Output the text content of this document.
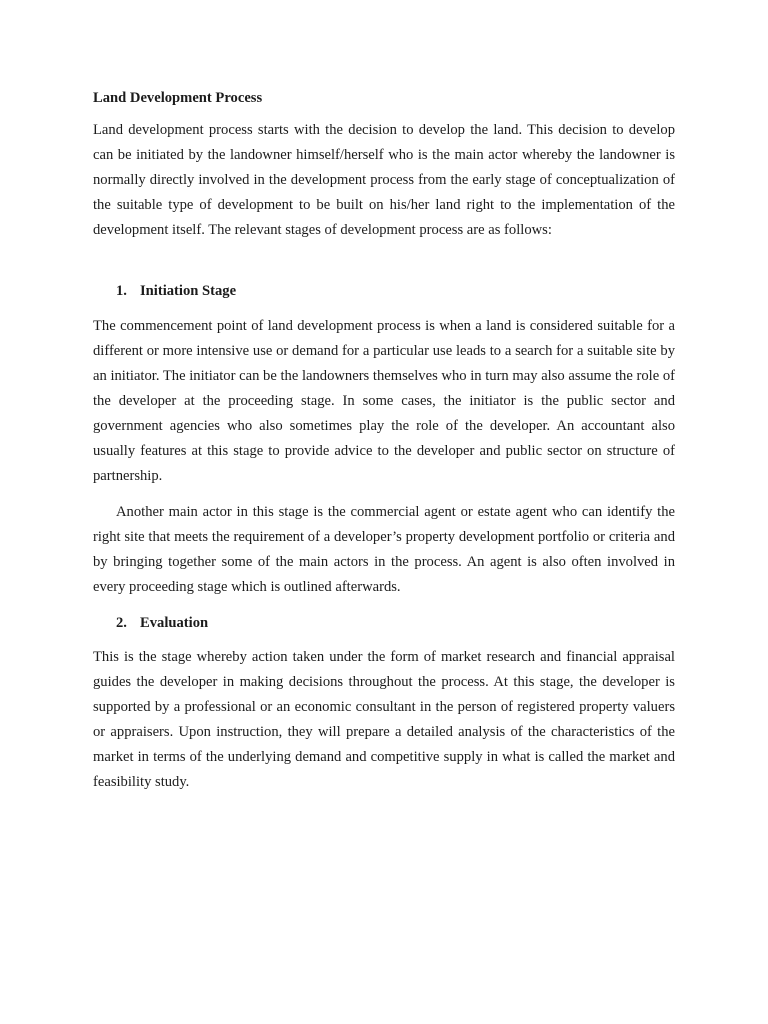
Land Development Process

Land development process starts with the decision to develop the land. This decision to develop can be initiated by the landowner himself/herself who is the main actor whereby the landowner is normally directly involved in the development process from the early stage of conceptualization of the suitable type of development to be built on his/her land right to the implementation of the development itself. The relevant stages of development process are as follows:

1. Initiation Stage

The commencement point of land development process is when a land is considered suitable for a different or more intensive use or demand for a particular use leads to a search for a suitable site by an initiator. The initiator can be the landowners themselves who in turn may also assume the role of the developer at the proceeding stage. In some cases, the initiator is the public sector and government agencies who also sometimes play the role of the developer. An accountant also usually features at this stage to provide advice to the developer and public sector on structure of partnership.

Another main actor in this stage is the commercial agent or estate agent who can identify the right site that meets the requirement of a developer’s property development portfolio or criteria and by bringing together some of the main actors in the process. An agent is also often involved in every proceeding stage which is outlined afterwards.

2. Evaluation

This is the stage whereby action taken under the form of market research and financial appraisal guides the developer in making decisions throughout the process. At this stage, the developer is supported by a professional or an economic consultant in the person of registered property valuers or appraisers. Upon instruction, they will prepare a detailed analysis of the characteristics of the market in terms of the underlying demand and competitive supply in what is called the market and feasibility study.
